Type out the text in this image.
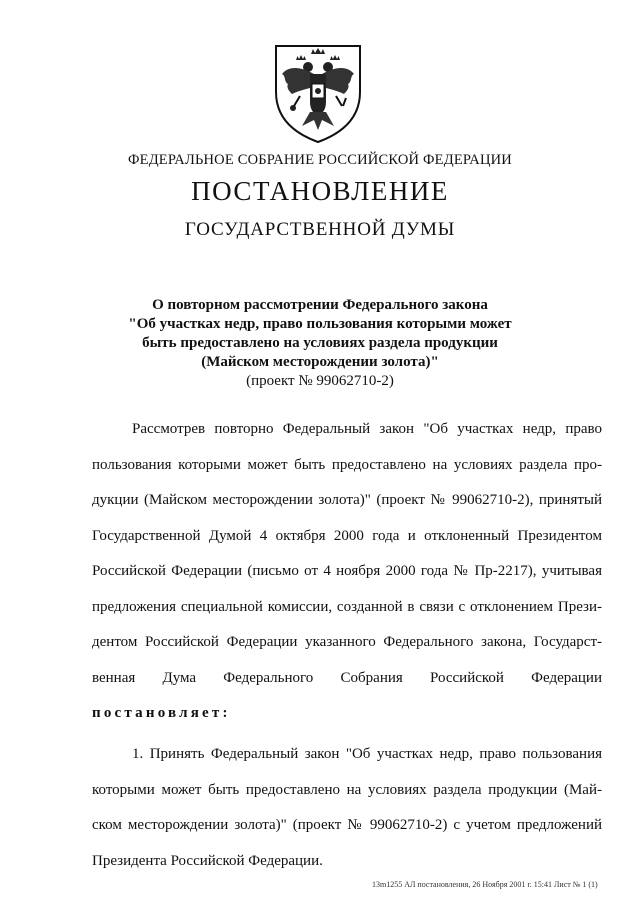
ФЕДЕРАЛЬНОЕ СОБРАНИЕ РОССИЙСКОЙ ФЕДЕРАЦИИ
ПОСТАНОВЛЕНИЕ
ГОСУДАРСТВЕННОЙ ДУМЫ
О повторном рассмотрении Федерального закона
"Об участках недр, право пользования которыми может
быть предоставлено на условиях раздела продукции
(Майском месторождении золота)"
(проект № 99062710-2)
Рассмотрев повторно Федеральный закон "Об участках недр, право
пользования которыми может быть предоставлено на условиях раздела про-
дукции (Майском месторождении золота)" (проект № 99062710-2), принятый
Государственной Думой 4 октября 2000 года и отклоненный Президентом
Российской Федерации (письмо от 4 ноября 2000 года № Пр-2217), учитывая
предложения специальной комиссии, созданной в связи с отклонением Прези-
дентом Российской Федерации указанного Федерального закона, Государст-
венная Дума Федерального Собрания Российской Федерации
постановляет:
1. Принять Федеральный закон "Об участках недр, право пользования
которыми может быть предоставлено на условиях раздела продукции (Май-
ском месторождении золота)" (проект № 99062710-2) с учетом предложений
Президента Российской Федерации.
13m1255 АЛ постановления, 26 Ноября 2001 г. 15:41 Лист № 1 (1)
